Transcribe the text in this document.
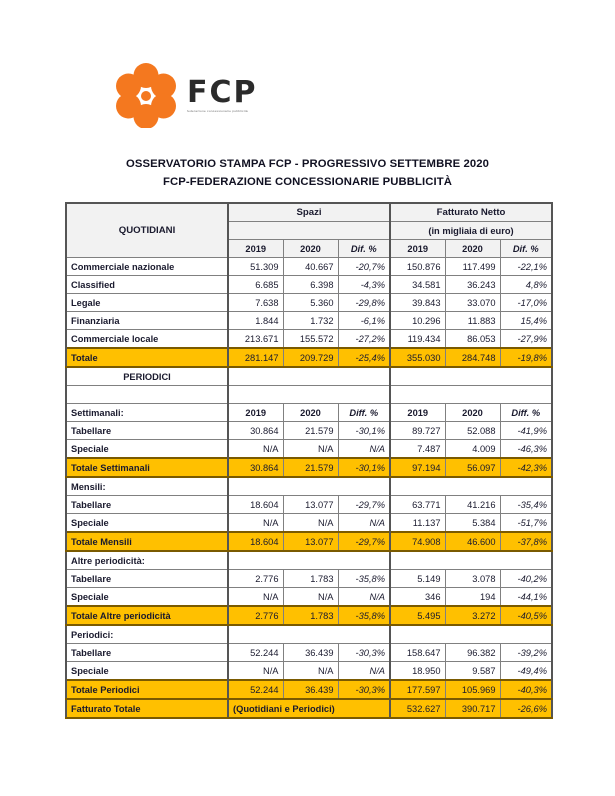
FCP
federazione concessionarie pubblicità
OSSERVATORIO STAMPA FCP - PROGRESSIVO SETTEMBRE 2020
FCP-FEDERAZIONE CONCESSIONARIE PUBBLICITÀ
QUOTIDIANI	Spazi			Fatturato Netto		
				(in migliaia di euro)		
	2019	2020	Dif. %	2019	2020	Dif. %
Commerciale nazionale	51.309	40.667	-20,7%	150.876	117.499	-22,1%
Classified	6.685	6.398	-4,3%	34.581	36.243	4,8%
Legale	7.638	5.360	-29,8%	39.843	33.070	-17,0%
Finanziaria	1.844	1.732	-6,1%	10.296	11.883	15,4%
Commerciale locale	213.671	155.572	-27,2%	119.434	86.053	-27,9%
Totale	281.147	209.729	-25,4%	355.030	284.748	-19,8%
PERIODICI						

Settimanali:	2019	2020	Diff. %	2019	2020	Diff. %
Tabellare	30.864	21.579	-30,1%	89.727	52.088	-41,9%
Speciale	N/A	N/A	N/A	7.487	4.009	-46,3%
Totale Settimanali	30.864	21.579	-30,1%	97.194	56.097	-42,3%
Mensili:						
Tabellare	18.604	13.077	-29,7%	63.771	41.216	-35,4%
Speciale	N/A	N/A	N/A	11.137	5.384	-51,7%
Totale Mensili	18.604	13.077	-29,7%	74.908	46.600	-37,8%
Altre periodicità:						
Tabellare	2.776	1.783	-35,8%	5.149	3.078	-40,2%
Speciale	N/A	N/A	N/A	346	194	-44,1%
Totale Altre periodicità	2.776	1.783	-35,8%	5.495	3.272	-40,5%
Periodici:						
Tabellare	52.244	36.439	-30,3%	158.647	96.382	-39,2%
Speciale	N/A	N/A	N/A	18.950	9.587	-49,4%
Totale Periodici	52.244	36.439	-30,3%	177.597	105.969	-40,3%
Fatturato Totale	(Quotidiani e Periodici)			532.627	390.717	-26,6%
